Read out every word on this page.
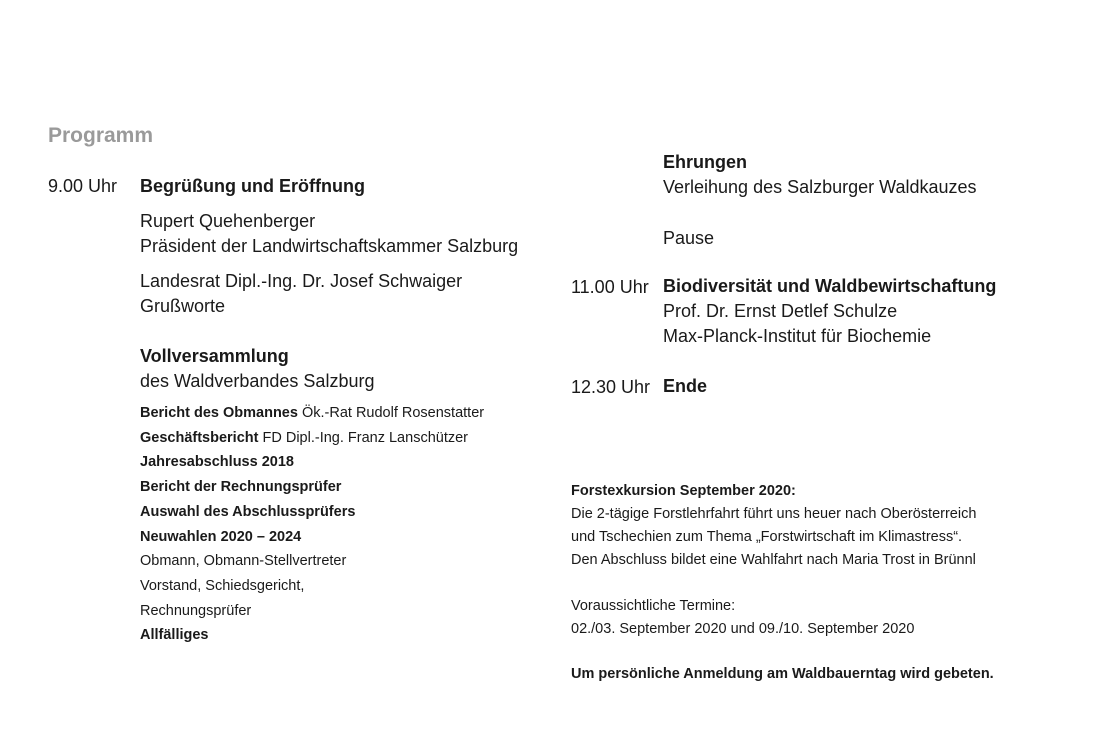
Programm
9.00 Uhr Begrüßung und Eröffnung
Rupert Quehenberger
Präsident der Landwirtschaftskammer Salzburg
Landesrat Dipl.-Ing. Dr. Josef Schwaiger
Grußworte
Vollversammlung
des Waldverbandes Salzburg
Bericht des Obmannes Ök.-Rat Rudolf Rosenstatter
Geschäftsbericht FD Dipl.-Ing. Franz Lanschützer
Jahresabschluss 2018
Bericht der Rechnungsprüfer
Auswahl des Abschlussprüfers
Neuwahlen 2020 – 2024
Obmann, Obmann-Stellvertreter
Vorstand, Schiedsgericht,
Rechnungsprüfer
Allfälliges
Ehrungen
Verleihung des Salzburger Waldkauzes
Pause
11.00 Uhr Biodiversität und Waldbewirtschaftung
Prof. Dr. Ernst Detlef Schulze
Max-Planck-Institut für Biochemie
12.30 Uhr Ende
Forstexkursion September 2020:
Die 2-tägige Forstlehrfahrt führt uns heuer nach Oberösterreich
und Tschechien zum Thema „Forstwirtschaft im Klimastress“.
Den Abschluss bildet eine Wahlfahrt nach Maria Trost in Brünnl
Voraussichtliche Termine:
02./03. September 2020 und 09./10. September 2020
Um persönliche Anmeldung am Waldbauerntag wird gebeten.
